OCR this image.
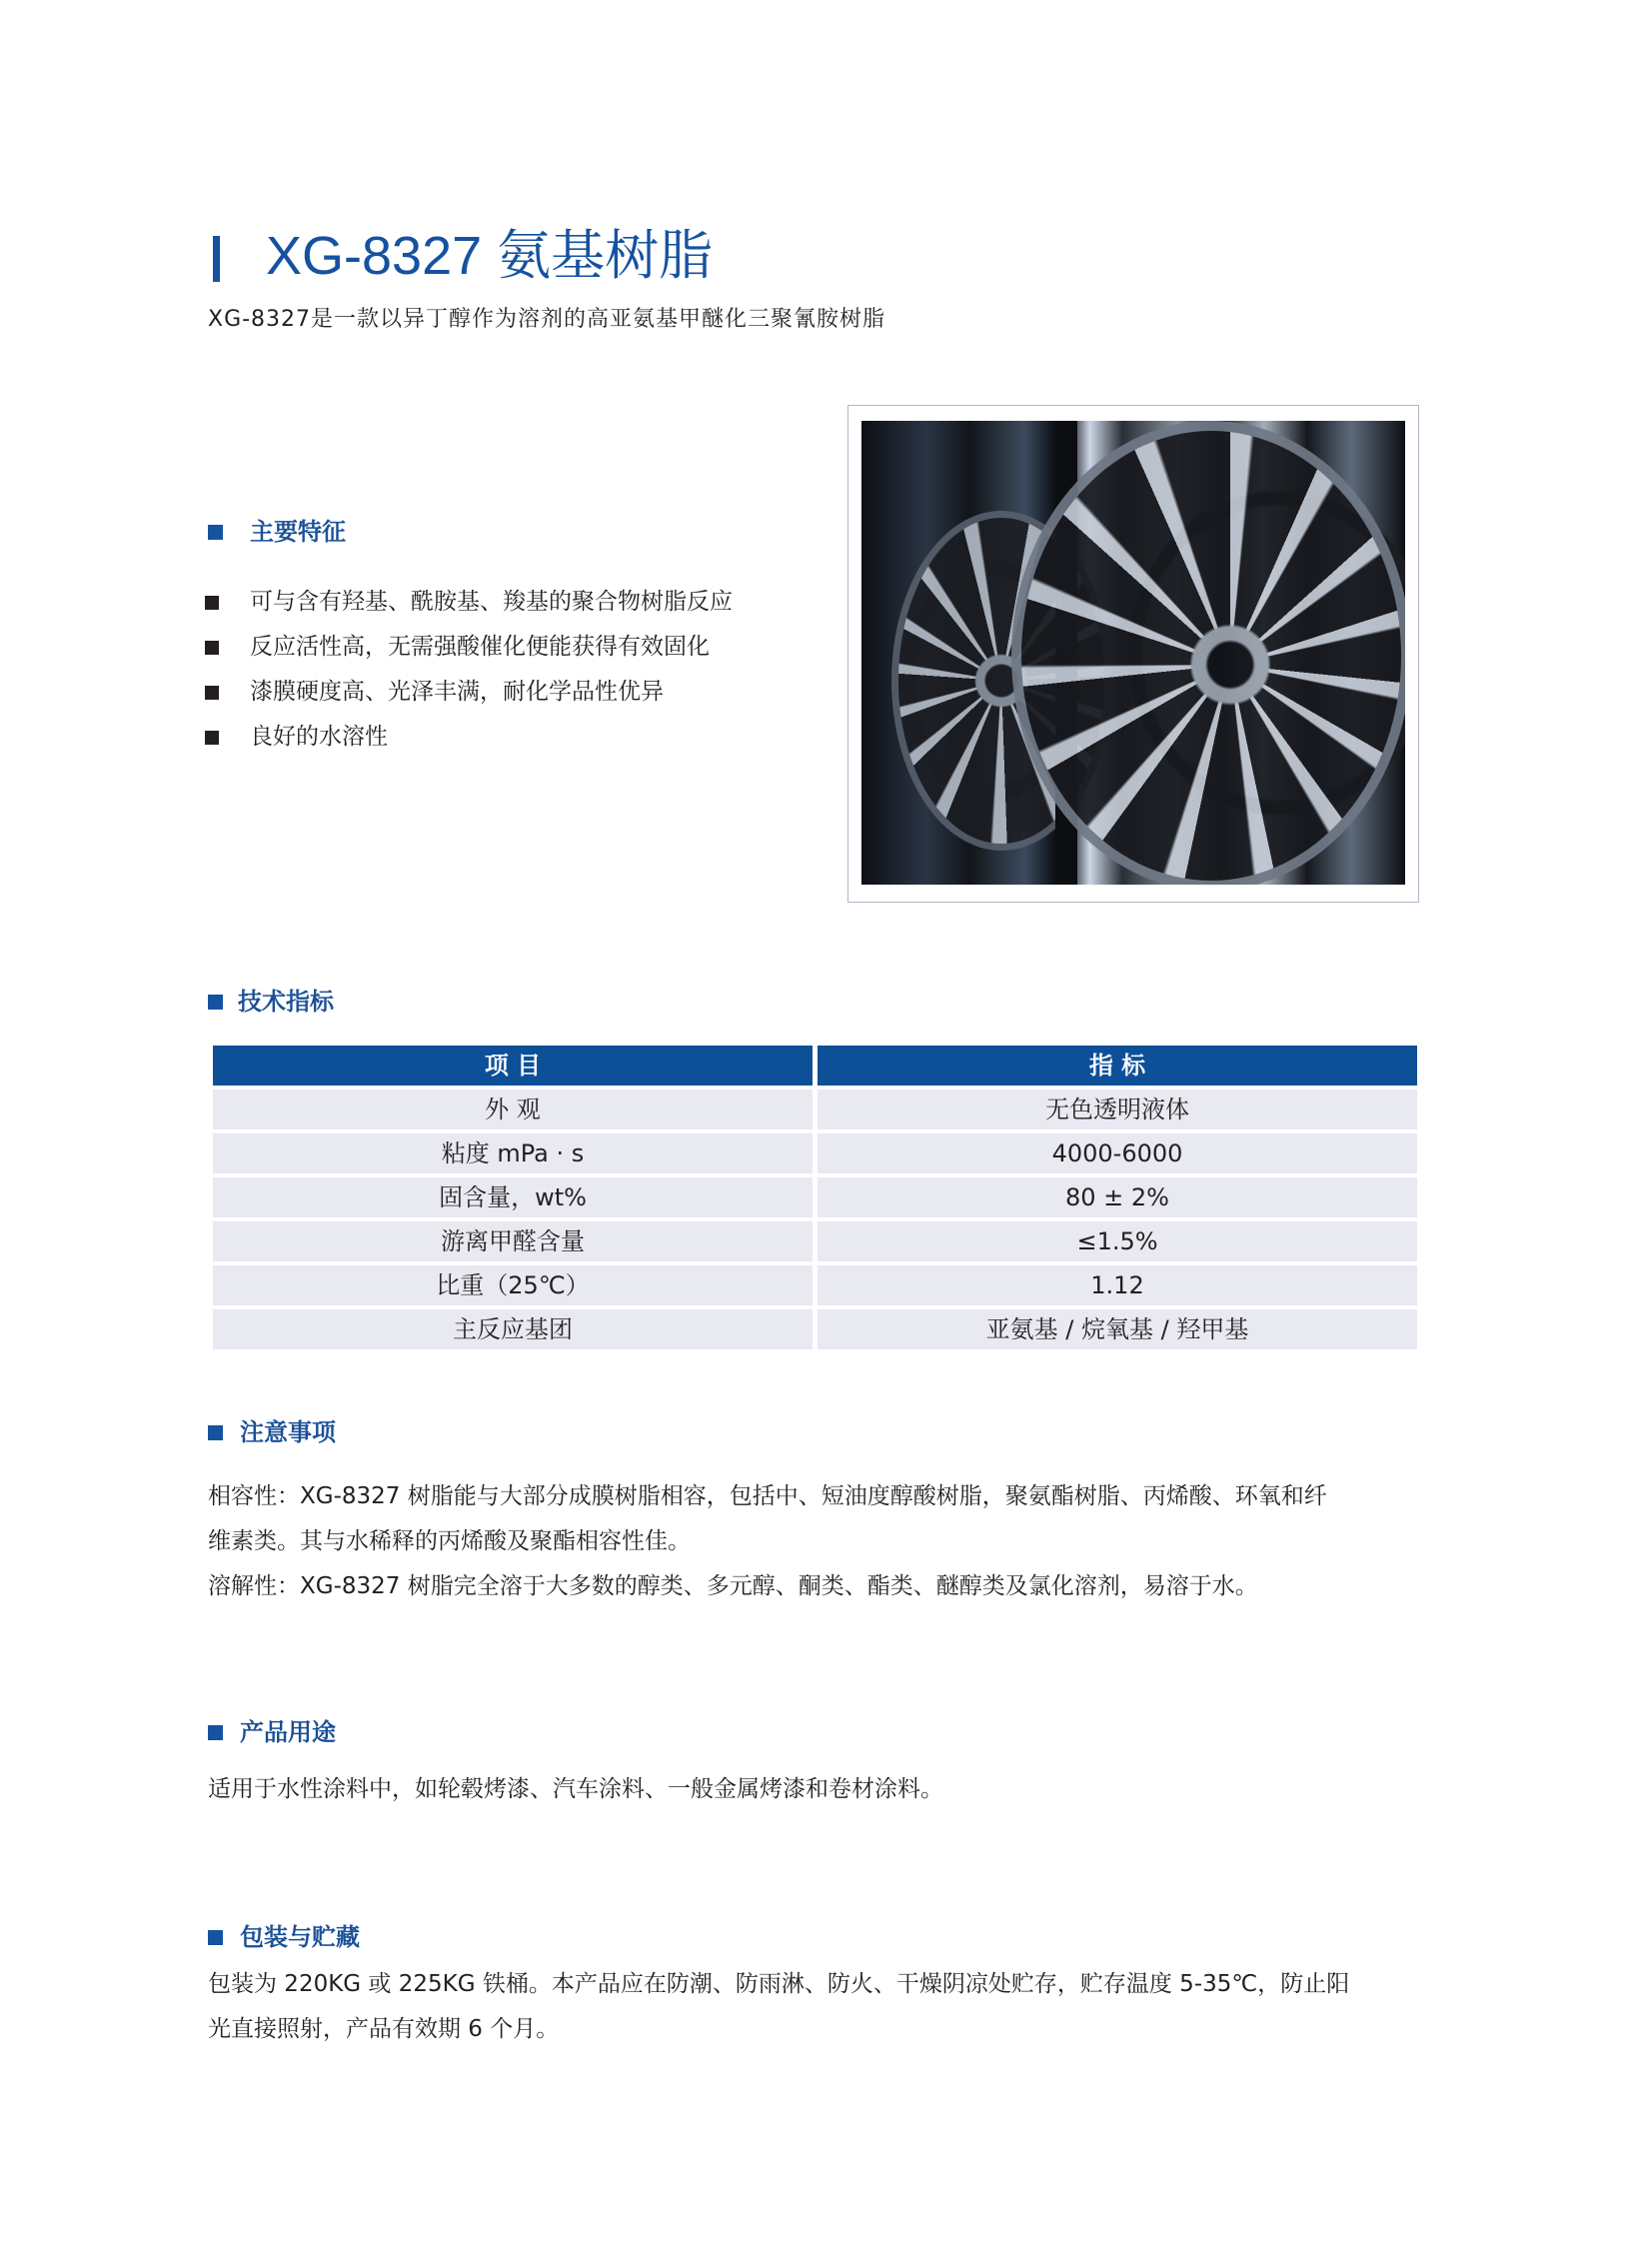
XG-8327 氨基树脂
XG-8327是一款以异丁醇作为溶剂的高亚氨基甲醚化三聚氰胺树脂
主要特征
可与含有羟基、酰胺基、羧基的聚合物树脂反应
反应活性高，无需强酸催化便能获得有效固化
漆膜硬度高、光泽丰满，耐化学品性优异
良好的水溶性
技术指标
项 目	指 标
外 观	无色透明液体
粘度 mPa · s	4000-6000
固含量，wt%	80 ± 2%
游离甲醛含量	≤1.5%
比重（25℃）	1.12
主反应基团	亚氨基 / 烷氧基 / 羟甲基
注意事项
相容性：XG-8327 树脂能与大部分成膜树脂相容，包括中、短油度醇酸树脂，聚氨酯树脂、丙烯酸、环氧和纤
维素类。其与水稀释的丙烯酸及聚酯相容性佳。
溶解性：XG-8327 树脂完全溶于大多数的醇类、多元醇、酮类、酯类、醚醇类及氯化溶剂，易溶于水。
产品用途
适用于水性涂料中，如轮毂烤漆、汽车涂料、一般金属烤漆和卷材涂料。
包装与贮藏
包装为 220KG 或 225KG 铁桶。本产品应在防潮、防雨淋、防火、干燥阴凉处贮存，贮存温度 5-35℃，防止阳
光直接照射，产品有效期 6 个月。
